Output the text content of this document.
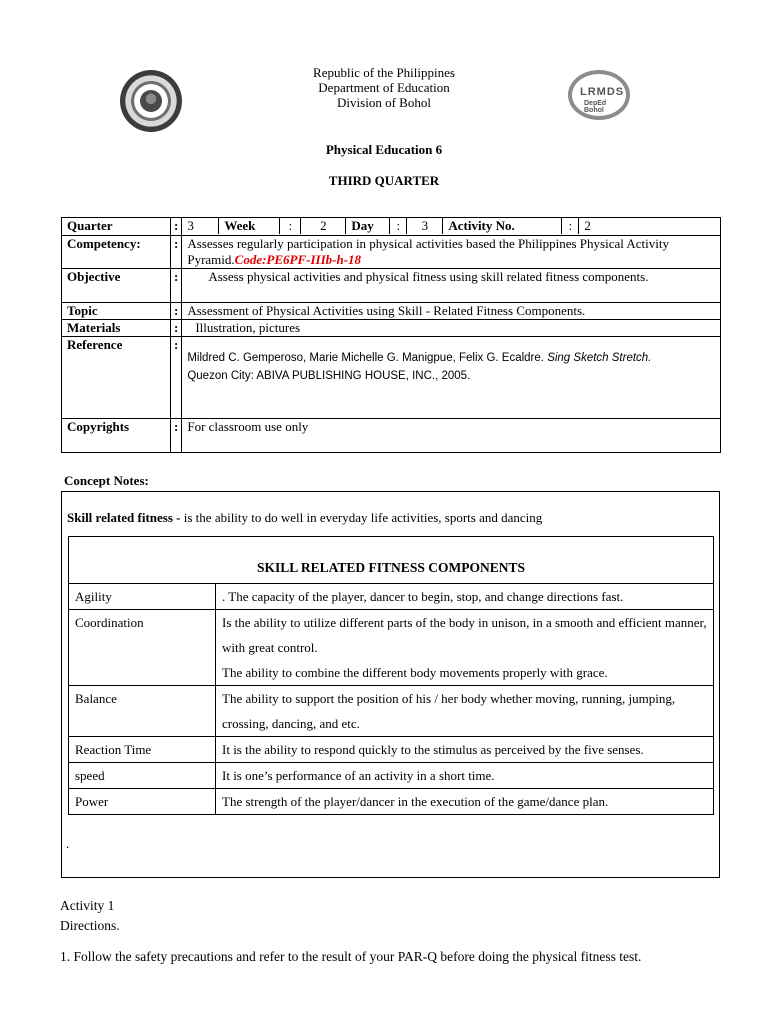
LRMDS
DepEd Bohol
Republic of the Philippines
Department of Education
Division of Bohol
Physical Education 6
THIRD QUARTER
Quarter	:	3	Week	:	2	Day	:	3	Activity No.	:	2

Competency:	:	Assesses regularly participation in physical activities based the Philippines Physical Activity Pyramid.Code:PE6PF-IIIb-h-18
Objective	:	Assess physical activities and physical fitness using skill related fitness components.
Topic	:	Assessment of Physical Activities using Skill - Related Fitness Components.
Materials	:	Illustration, pictures
Reference	:	Mildred C. Gemperoso, Marie Michelle G. Manigpue, Felix G. Ecaldre. Sing Sketch Stretch.
Quezon City: ABIVA PUBLISHING HOUSE, INC., 2005.
Copyrights	:	For classroom use only
Concept Notes:
Skill related fitness - is the ability to do well in everyday life activities, sports and dancing
SKILL RELATED FITNESS COMPONENTS	
Agility	. The capacity of the player, dancer to begin, stop, and change directions fast.
Coordination	Is the ability to utilize different parts of the body in unison, in a smooth and efficient manner, with great control.
The ability to combine the different body movements properly with grace.

Balance	The ability to support the position of his / her body whether moving, running, jumping, crossing, dancing, and etc.
Reaction Time	It is the ability to respond quickly to the stimulus as perceived by the five senses.
speed	It is one’s performance of an activity in a short time.
Power	The strength of the player/dancer in the execution of the game/dance plan.
.
Activity 1
Directions.
1. Follow the safety precautions and refer to the result of your PAR-Q before doing the physical fitness test.
